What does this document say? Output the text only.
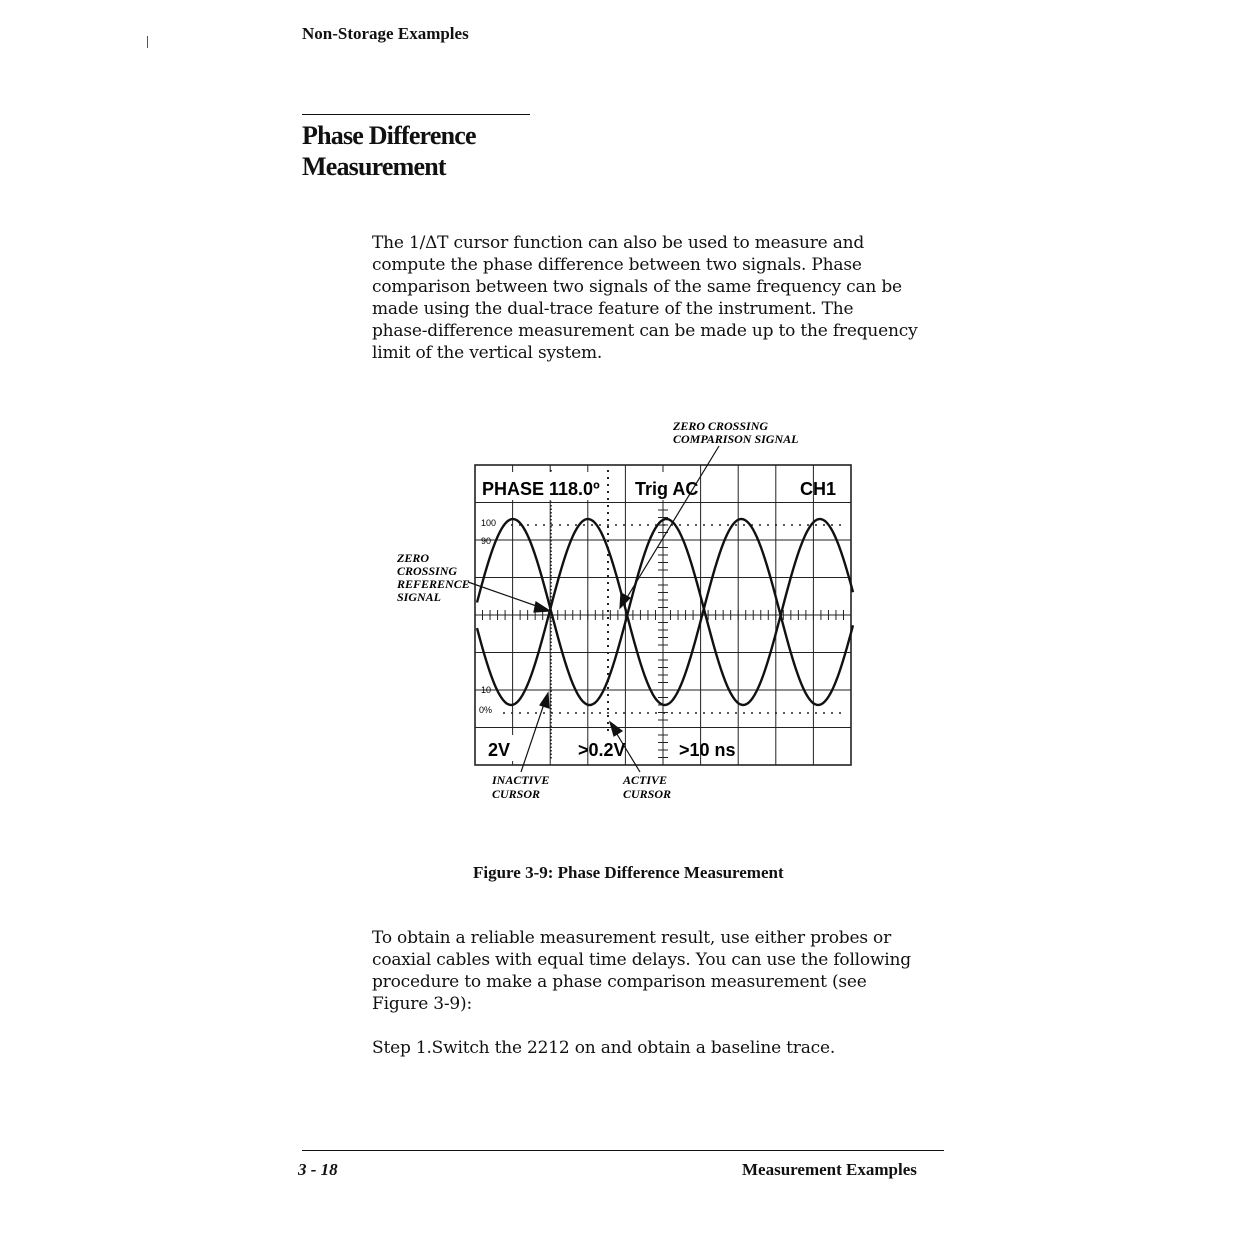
Non-Storage Examples
Phase Difference
Measurement
The 1/ΔT cursor function can also be used to measure and
compute the phase difference between two signals. Phase
comparison between two signals of the same frequency can be
made using the dual-trace feature of the instrument. The
phase-difference measurement can be made up to the frequency
limit of the vertical system.
ZERO CROSSING
COMPARISON SIGNAL
ZERO
CROSSING
REFERENCE
SIGNAL
INACTIVE
CURSOR
ACTIVE
CURSOR
PHASE 118.0º Trig AC	CH1
2V	>0.2V	>10 ns
100
90
10
0%
Figure 3-9: Phase Difference Measurement
To obtain a reliable measurement result, use either probes or
coaxial cables with equal time delays. You can use the following
procedure to make a phase comparison measurement (see
Figure 3-9):
Step 1.Switch the 2212 on and obtain a baseline trace.
3 - 18	Measurement Examples
